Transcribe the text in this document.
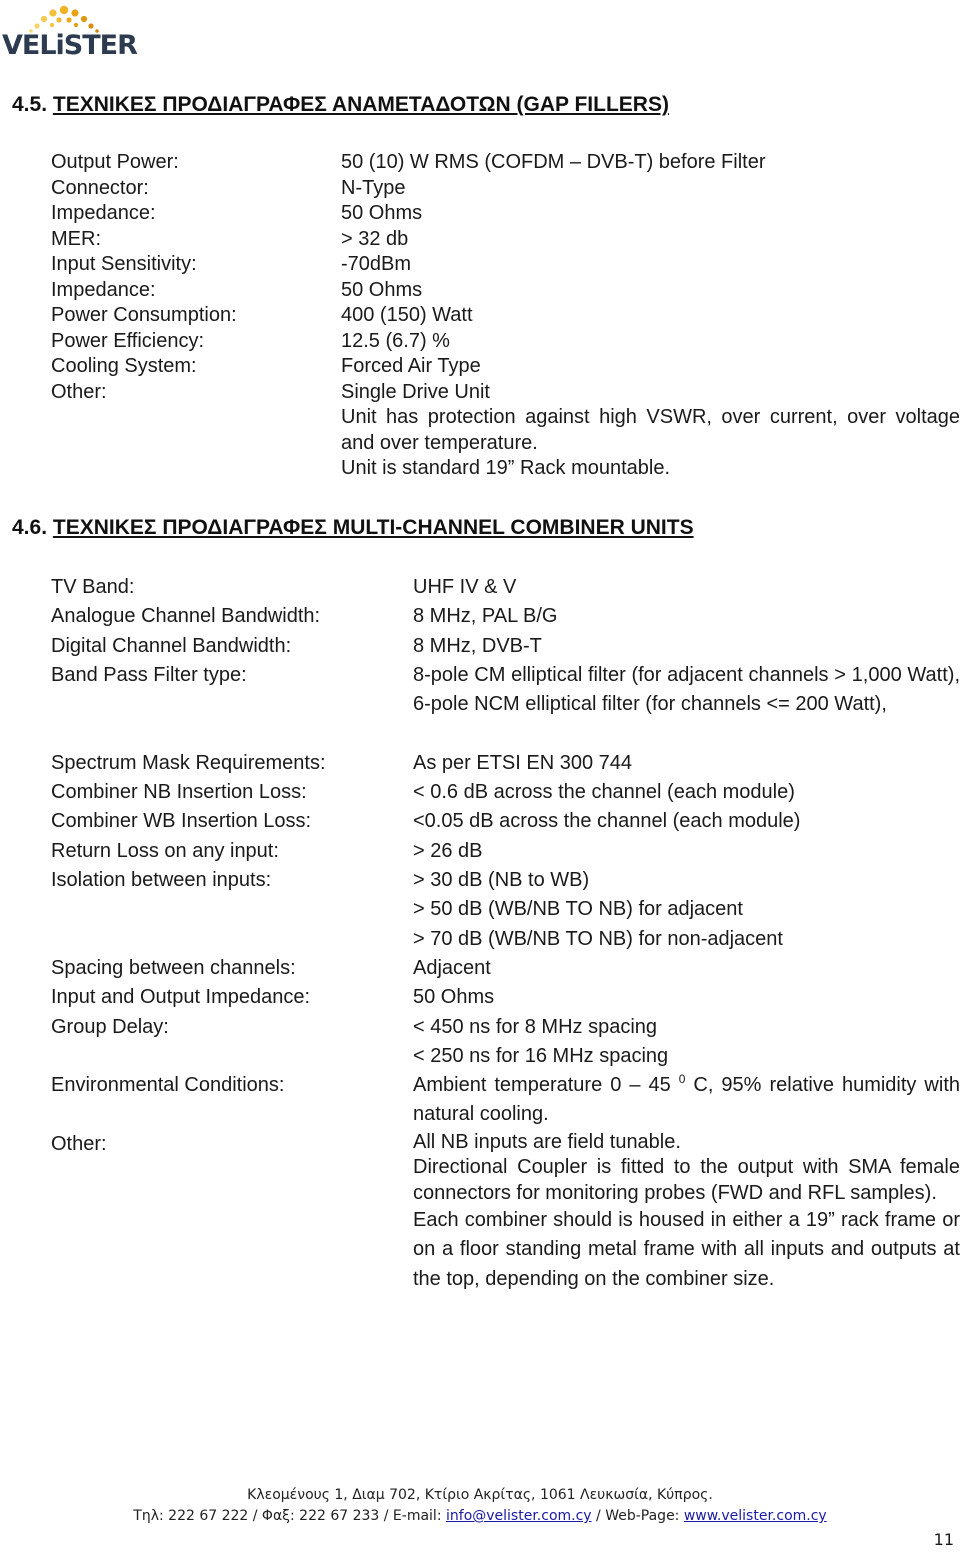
VELiSTER
4.5. ΤΕΧΝΙΚΕΣ ΠΡΟΔΙΑΓΡΑΦΕΣ ΑΝΑΜΕΤΑΔΟΤΩΝ (GAP FILLERS)
Output Power:	50 (10) W RMS (COFDM – DVB-T) before Filter

Connector:	N-Type

Impedance:	50 Ohms

MER:	> 32 db

Input Sensitivity:	-70dBm

Impedance:	50 Ohms

Power Consumption:	400 (150) Watt

Power Efficiency:	12.5 (6.7) %

Cooling System:	Forced Air Type

Other:	Single Drive Unit

Unit has protection against high VSWR, over current, over voltage and over temperature.

Unit is standard 19” Rack mountable.

4.6. ΤΕΧΝΙΚΕΣ ΠΡΟΔΙΑΓΡΑΦΕΣ MULTI-CHANNEL COMBINER UNITS
TV Band:	UHF IV & V

Analogue Channel Bandwidth:	8 MHz, PAL B/G

Digital Channel Bandwidth:	8 MHz, DVB-T

Band Pass Filter type:	8-pole CM elliptical filter (for adjacent channels > 1,000 Watt), 6-pole NCM elliptical filter (for channels <= 200 Watt),

Spectrum Mask Requirements:	As per ETSI EN 300 744

Combiner NB Insertion Loss:	< 0.6 dB across the channel (each module)

Combiner WB Insertion Loss:	<0.05 dB across the channel (each module)

Return Loss on any input:	> 26 dB

Isolation between inputs:	> 30 dB (NB to WB)

> 50 dB (WB/NB TO NB) for adjacent

> 70 dB (WB/NB TO NB) for non-adjacent

Spacing between channels:	Adjacent

Input and Output Impedance:	50 Ohms

Group Delay:	< 450 ns for 8 MHz spacing

< 250 ns for 16 MHz spacing

Environmental Conditions:	Ambient temperature 0 – 45 $^0$ C, 95% relative humidity with natural cooling.

Other:	All NB inputs are field tunable.

Directional Coupler is fitted to the output with SMA female connectors for monitoring probes (FWD and RFL samples).

Each combiner should is housed in either a 19” rack frame or on a floor standing metal frame with all inputs and outputs at the top, depending on the combiner size.

Κλεομένους 1, Διαμ 702, Κτίριο Ακρίτας, 1061 Λευκωσία, Κύπρος.
Τηλ: 222 67 222 / Φαξ: 222 67 233 / E-mail: info@velister.com.cy / Web-Page: www.velister.com.cy
11
